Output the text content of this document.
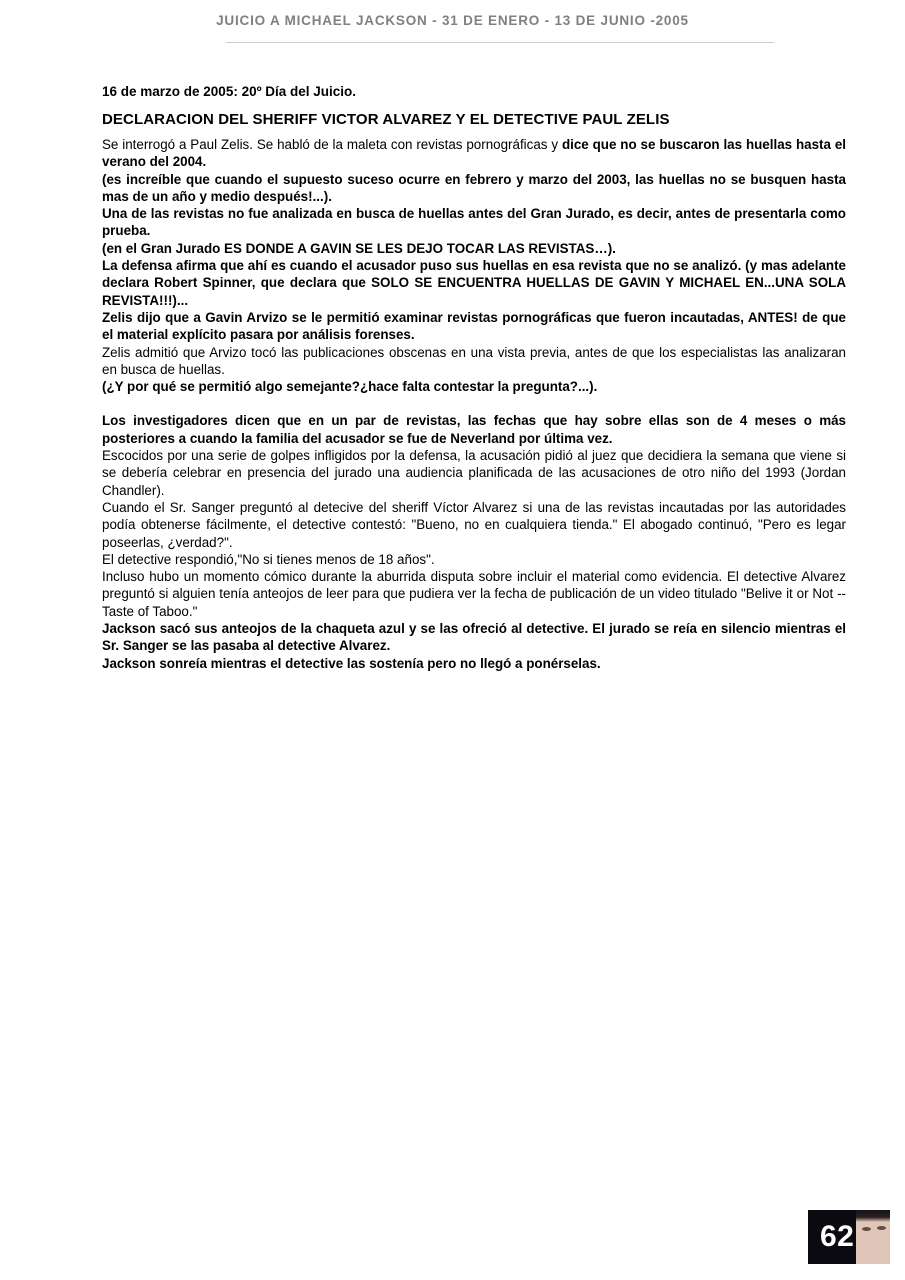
JUICIO A MICHAEL JACKSON - 31 DE ENERO - 13 DE JUNIO -2005
16 de marzo de 2005: 20º Día del Juicio.
DECLARACION DEL SHERIFF VICTOR ALVAREZ Y EL DETECTIVE PAUL ZELIS

Se interrogó a Paul Zelis. Se habló de la maleta con revistas pornográficas y dice que no se buscaron las huellas hasta el verano del 2004.

(es increíble que cuando el supuesto suceso ocurre en febrero y marzo del 2003, las huellas no se busquen hasta mas de un año y medio después!...).

Una de las revistas no fue analizada en busca de huellas antes del Gran Jurado, es decir, antes de presentarla como prueba.

(en el Gran Jurado ES DONDE A GAVIN SE LES DEJO TOCAR LAS REVISTAS…).

La defensa afirma que ahí es cuando el acusador puso sus huellas en esa revista que no se analizó. (y mas adelante declara Robert Spinner, que declara que SOLO SE ENCUENTRA HUELLAS DE GAVIN Y MICHAEL EN...UNA SOLA REVISTA!!!)...

Zelis dijo que a Gavin Arvizo se le permitió examinar revistas pornográficas que fueron incautadas, ANTES! de que el material explícito pasara por análisis forenses.

Zelis admitió que Arvizo tocó las publicaciones obscenas en una vista previa, antes de que los especialistas las analizaran en busca de huellas.

(¿Y por qué se permitió algo semejante?¿hace falta contestar la pregunta?...).

Los investigadores dicen que en un par de revistas, las fechas que hay sobre ellas son de 4 meses o más posteriores a cuando la familia del acusador se fue de Neverland por última vez.

Escocidos por una serie de golpes infligidos por la defensa, la acusación pidió al juez que decidiera la semana que viene si se debería celebrar en presencia del jurado una audiencia planificada de las acusaciones de otro niño del 1993 (Jordan Chandler).

Cuando el Sr. Sanger preguntó al detecive del sheriff Víctor Alvarez si una de las revistas incautadas por las autoridades podía obtenerse fácilmente, el detective contestó: "Bueno, no en cualquiera tienda." El abogado continuó, "Pero es legar poseerlas, ¿verdad?".

El detective respondió,"No si tienes menos de 18 años".

Incluso hubo un momento cómico durante la aburrida disputa sobre incluir el material como evidencia. El detective Alvarez preguntó si alguien tenía anteojos de leer para que pudiera ver la fecha de publicación de un video titulado "Belive it or Not -- Taste of Taboo."

Jackson sacó sus anteojos de la chaqueta azul y se las ofreció al detective. El jurado se reía en silencio mientras el Sr. Sanger se las pasaba al detective Alvarez.

Jackson sonreía mientras el detective las sostenía pero no llegó a ponérselas.

62
